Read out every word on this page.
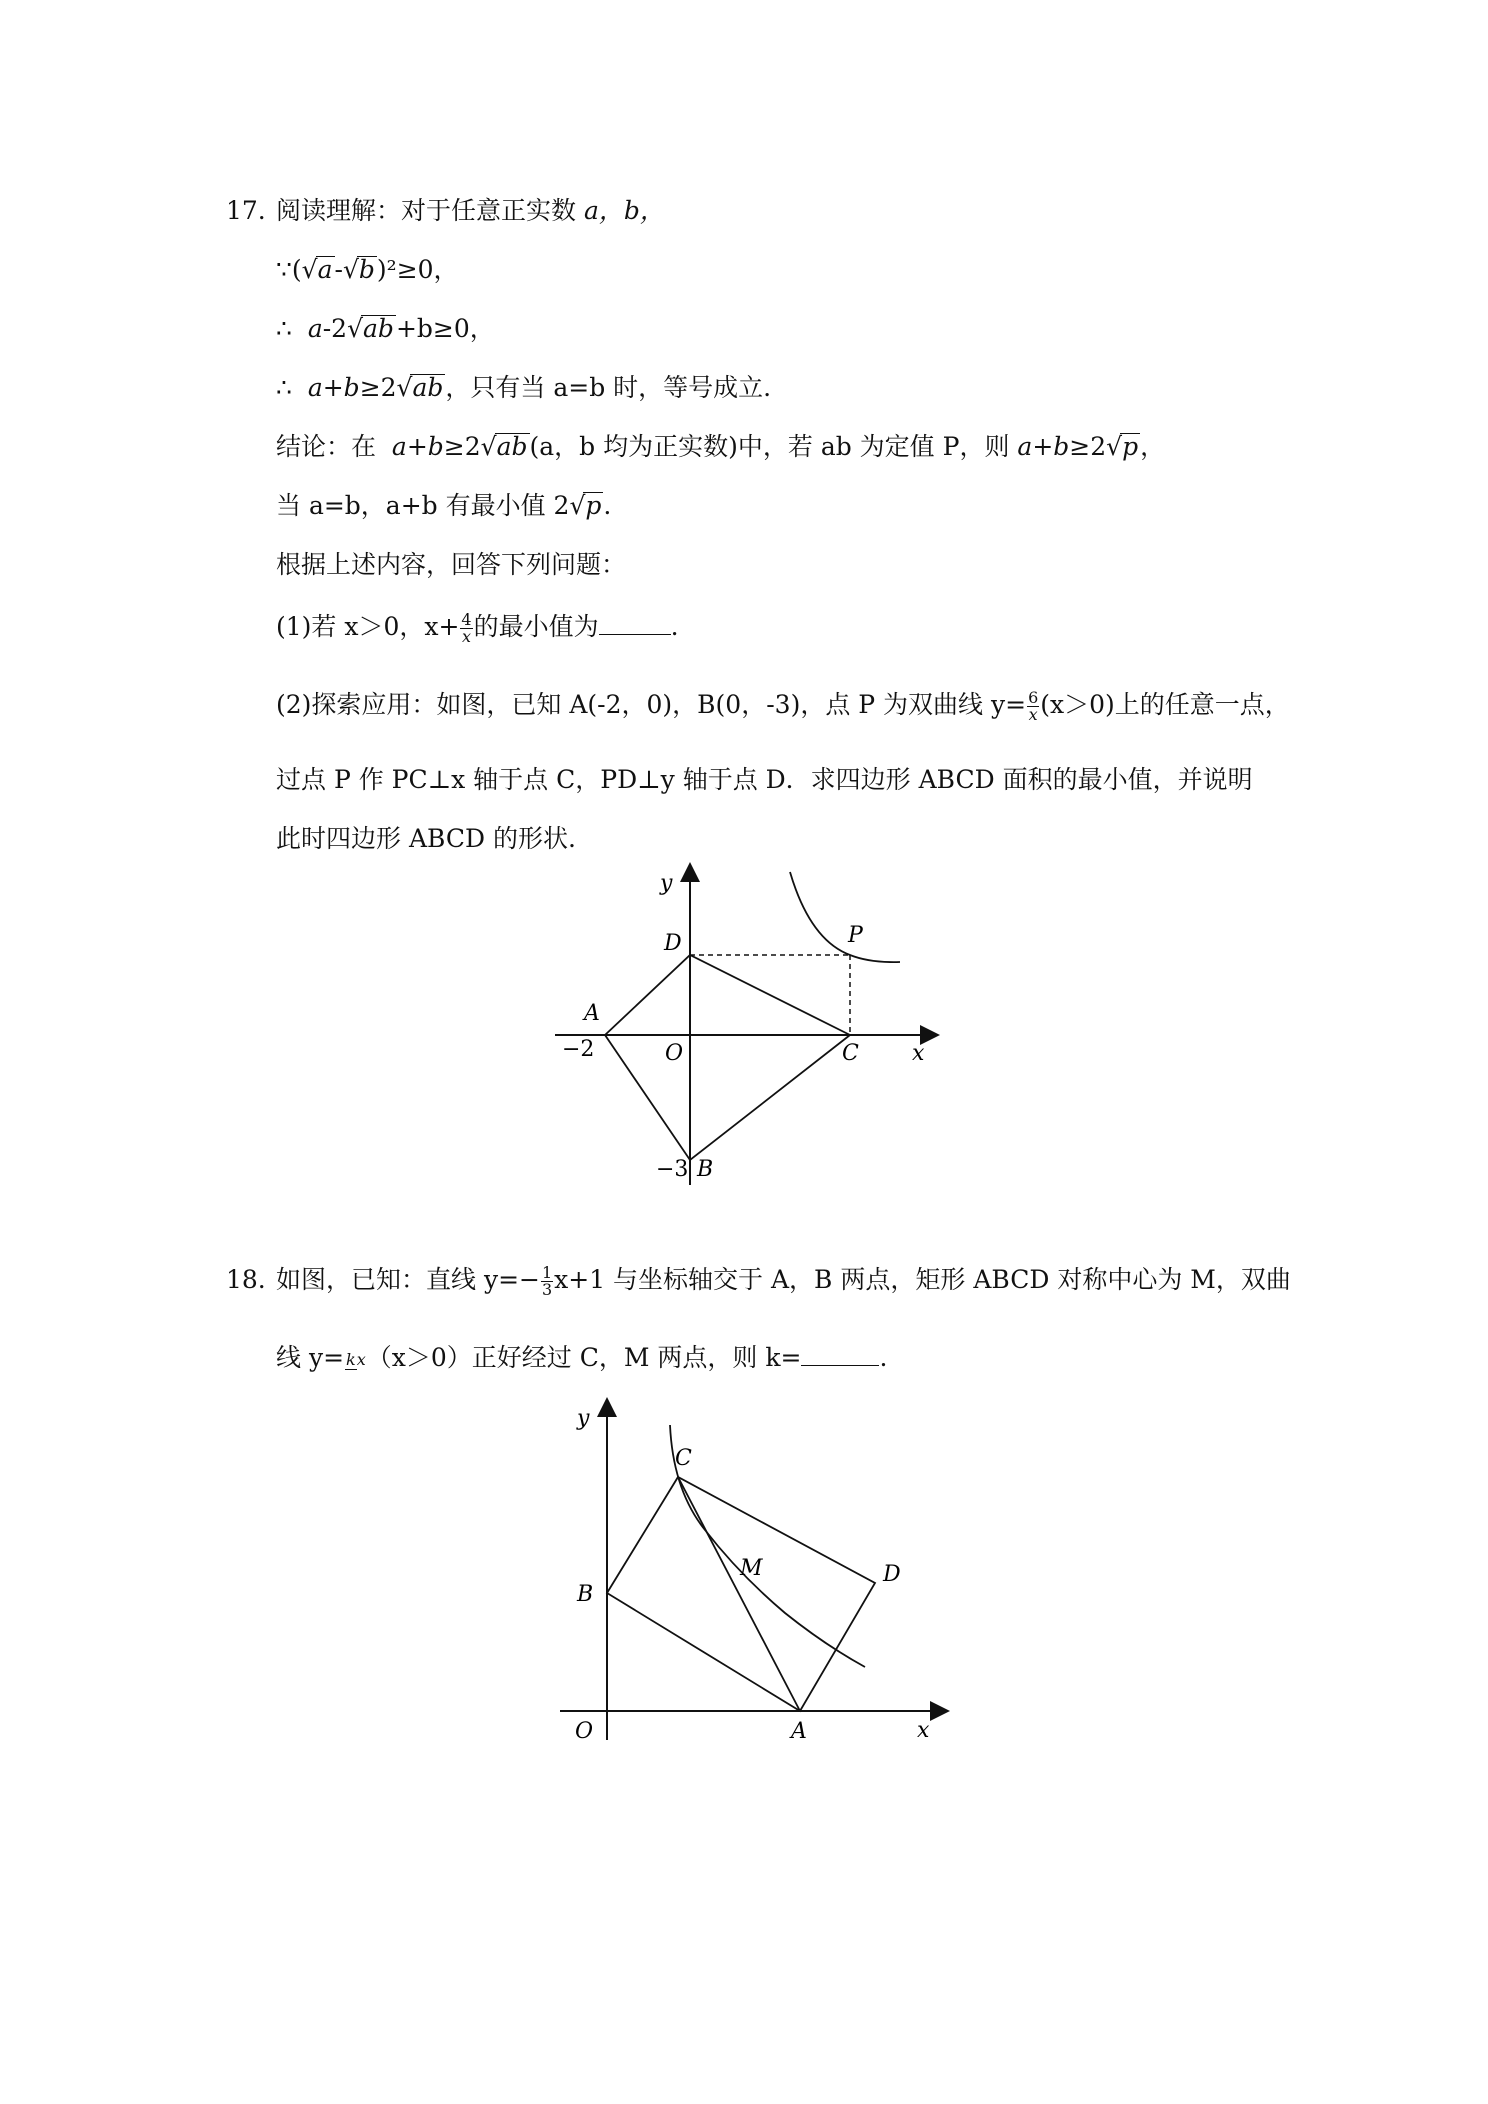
17. 阅读理解：对于任意正实数 a，b，
∵(√a-√b)²≥0，
∴ a-2√ab+b≥0，
∴ a+b≥2√ab，只有当 a=b 时，等号成立.
结论：在 a+b≥2√ab(a，b 均为正实数)中，若 ab 为定值 P，则 a+b≥2√p，
当 a=b，a+b 有最小值 2√p.
根据上述内容，回答下列问题：
(1)若 x＞0，$x+ \frac{4}{x}$的最小值为	.
(2)探索应用：如图，已知 A(-2，0)，B(0，-3)，点 P 为双曲线 $y= \frac{6}{x}(x>0)$上的任意一点，
过点 P 作 PC⊥x 轴于点 C，PD⊥y 轴于点 D．求四边形 ABCD 面积的最小值，并说明
此时四边形 ABCD 的形状.
y
x
D	P
A
−2	O	C
−3 B
18. 如图，已知：直线 $y=- \frac{1}{3} x+1$ 与坐标轴交于 A，B 两点，矩形 ABCD 对称中心为 M，双曲
线 y= kx（x＞0）正好经过 C，M 两点，则 k=	.
y
x
C
B
M	D
O	A
